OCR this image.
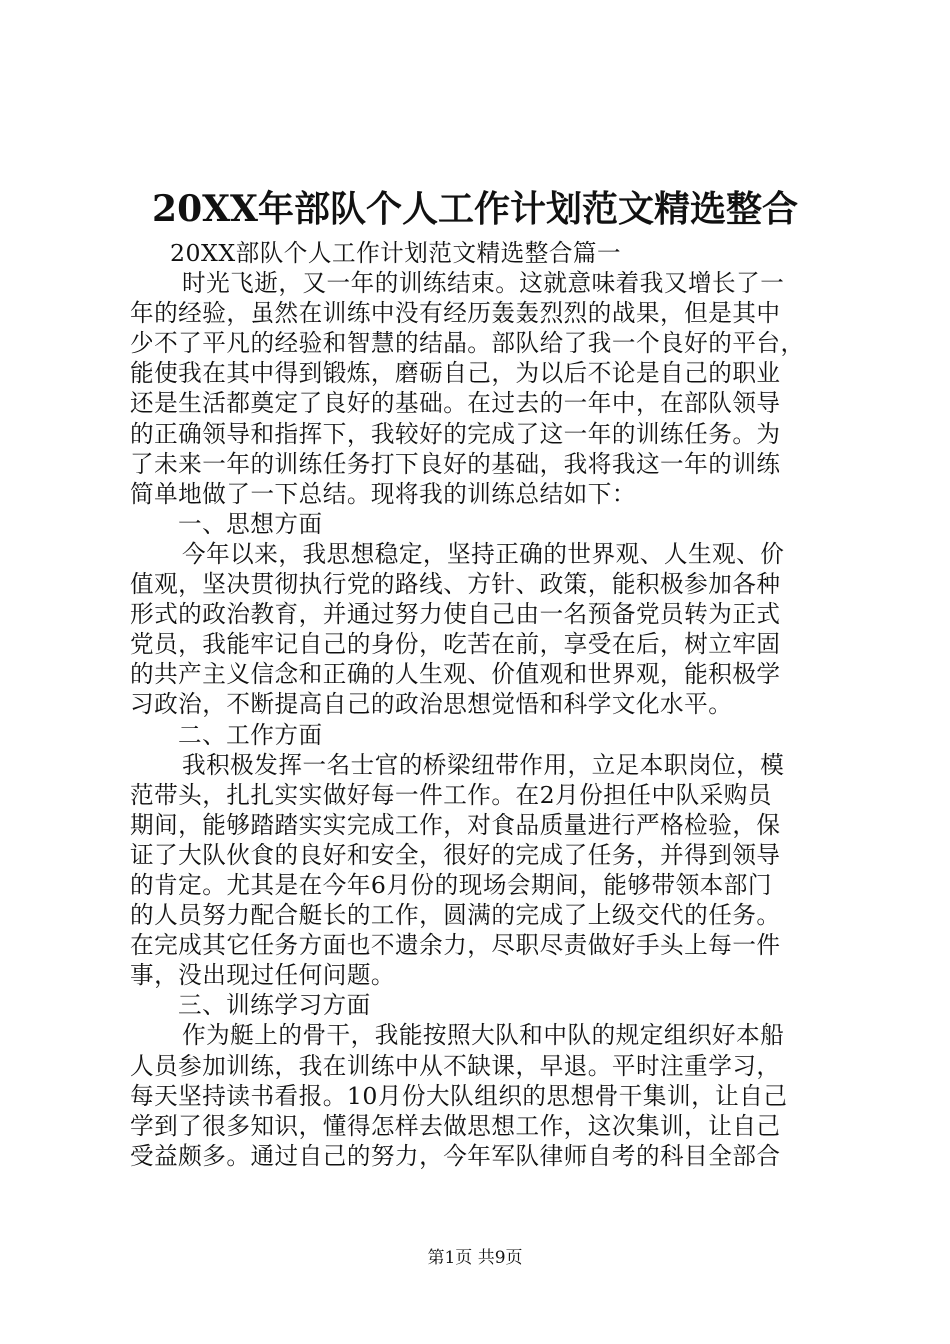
20XX年部队个人工作计划范文精选整合
20XX部队个人工作计划范文精选整合篇一
时光飞逝，又一年的训练结束。这就意味着我又增长了一
年的经验，虽然在训练中没有经历轰轰烈烈的战果，但是其中
少不了平凡的经验和智慧的结晶。部队给了我一个良好的平台，
能使我在其中得到锻炼，磨砺自己，为以后不论是自己的职业
还是生活都奠定了良好的基础。在过去的一年中，在部队领导
的正确领导和指挥下，我较好的完成了这一年的训练任务。为
了未来一年的训练任务打下良好的基础，我将我这一年的训练
简单地做了一下总结。现将我的训练总结如下：
一、思想方面
今年以来，我思想稳定，坚持正确的世界观、人生观、价
值观，坚决贯彻执行党的路线、方针、政策，能积极参加各种
形式的政治教育，并通过努力使自己由一名预备党员转为正式
党员，我能牢记自己的身份，吃苦在前，享受在后，树立牢固
的共产主义信念和正确的人生观、价值观和世界观，能积极学
习政治，不断提高自己的政治思想觉悟和科学文化水平。
二、工作方面
我积极发挥一名士官的桥梁纽带作用，立足本职岗位，模
范带头，扎扎实实做好每一件工作。在2月份担任中队采购员
期间，能够踏踏实实完成工作，对食品质量进行严格检验，保
证了大队伙食的良好和安全，很好的完成了任务，并得到领导
的肯定。尤其是在今年6月份的现场会期间，能够带领本部门
的人员努力配合艇长的工作，圆满的完成了上级交代的任务。
在完成其它任务方面也不遗余力，尽职尽责做好手头上每一件
事，没出现过任何问题。
三、训练学习方面
作为艇上的骨干，我能按照大队和中队的规定组织好本船
人员参加训练，我在训练中从不缺课，早退。平时注重学习，
每天坚持读书看报。10月份大队组织的思想骨干集训，让自己
学到了很多知识，懂得怎样去做思想工作，这次集训，让自己
受益颇多。通过自己的努力，今年军队律师自考的科目全部合
第1页 共9页
